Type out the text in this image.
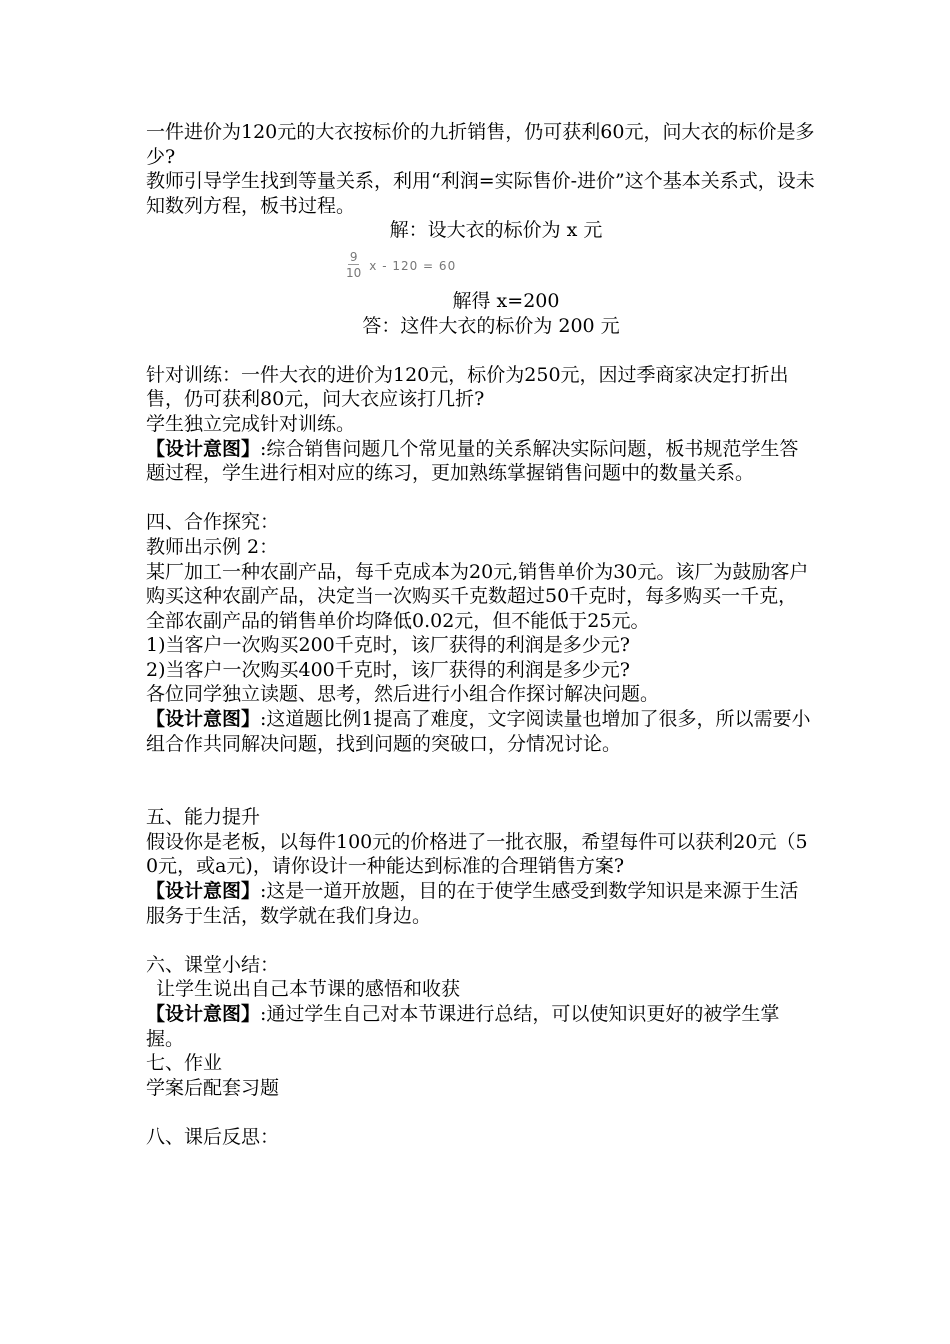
一件进价为120元的大衣按标价的九折销售，仍可获利60元，问大衣的标价是多少?

教师引导学生找到等量关系，利用“利润=实际售价-进价”这个基本关系式，设未知数列方程，板书过程。

解：设大衣的标价为 x 元

$\frac{9}{10}$ x - 120 = 60

解得 x=200

答：这件大衣的标价为 200 元

针对训练：一件大衣的进价为120元，标价为250元，因过季商家决定打折出售，仍可获利80元，问大衣应该打几折?

学生独立完成针对训练。

【设计意图】:综合销售问题几个常见量的关系解决实际问题，板书规范学生答题过程，学生进行相对应的练习，更加熟练掌握销售问题中的数量关系。

四、合作探究：

教师出示例 2：

某厂加工一种农副产品，每千克成本为20元,销售单价为30元。该厂为鼓励客户购买这种农副产品，决定当一次购买千克数超过50千克时，每多购买一千克，全部农副产品的销售单价均降低0.02元，但不能低于25元。

1)当客户一次购买200千克时，该厂获得的利润是多少元?

2)当客户一次购买400千克时，该厂获得的利润是多少元?

各位同学独立读题、思考，然后进行小组合作探讨解决问题。

【设计意图】:这道题比例1提高了难度，文字阅读量也增加了很多，所以需要小组合作共同解决问题，找到问题的突破口，分情况讨论。

五、能力提升

假设你是老板，以每件100元的价格进了一批衣服，希望每件可以获利20元（50元，或a元)，请你设计一种能达到标准的合理销售方案?

【设计意图】:这是一道开放题，目的在于使学生感受到数学知识是来源于生活服务于生活，数学就在我们身边。

六、课堂小结：

让学生说出自己本节课的感悟和收获

【设计意图】:通过学生自己对本节课进行总结，可以使知识更好的被学生掌握。

七、作业

学案后配套习题

八、课后反思：
